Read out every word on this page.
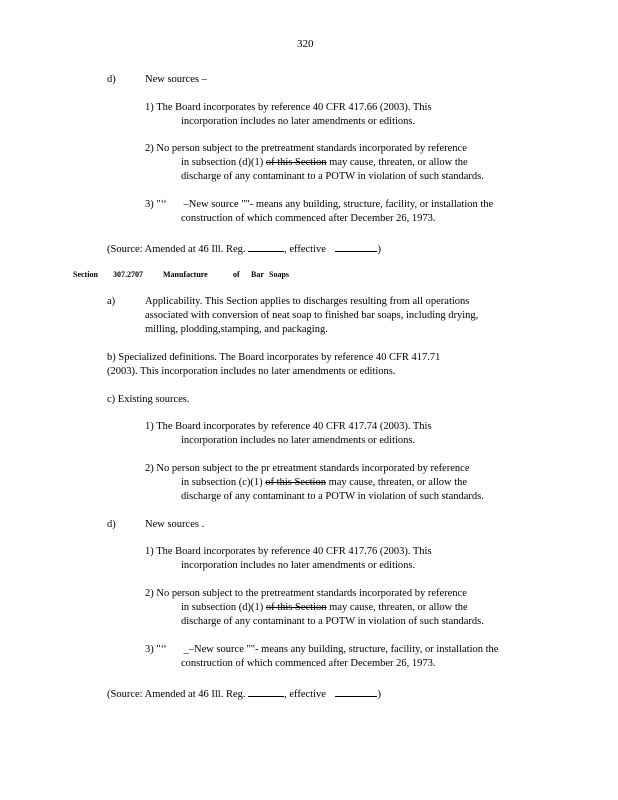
320
d)	New sources –
1) The Board incorporates by reference 40 CFR 417.66 (2003). This
incorporation includes no later amendments or editions.
2) No person subject to the pretreatment standards incorporated by reference
in subsection (d)(1) of this Section may cause, threaten, or allow the
discharge of any contaminant to a POTW in violation of such standards.
3) "‘‘ –New source ""- means any building, structure, facility, or installation the
construction of which commenced after December 26, 1973.
(Source: Amended at 46 Ill. Reg.	, effective	)
Section 307.2707	Manufacture	of Bar Soaps
a)	Applicability. This Section applies to discharges resulting from all operations
associated with conversion of neat soap to finished bar soaps, including drying,
milling, plodding,stamping, and packaging.
b) Specialized definitions. The Board incorporates by reference 40 CFR 417.71
(2003). This incorporation includes no later amendments or editions.
c) Existing sources.
1) The Board incorporates by reference 40 CFR 417.74 (2003). This
incorporation includes no later amendments or editions.
2) No person subject to the pr etreatment standards incorporated by reference
in subsection (c)(1) of this Section may cause, threaten, or allow the
discharge of any contaminant to a POTW in violation of such standards.
d)	New sources .
1) The Board incorporates by reference 40 CFR 417.76 (2003). This
incorporation includes no later amendments or editions.
2) No person subject to the pretreatment standards incorporated by reference
in subsection (d)(1) of this Section may cause, threaten, or allow the
discharge of any contaminant to a POTW in violation of such standards.
3) "‘‘ _–New source ""- means any building, structure, facility, or installation the
construction of which commenced after December 26, 1973.
(Source: Amended at 46 Ill. Reg.	, effective	)
